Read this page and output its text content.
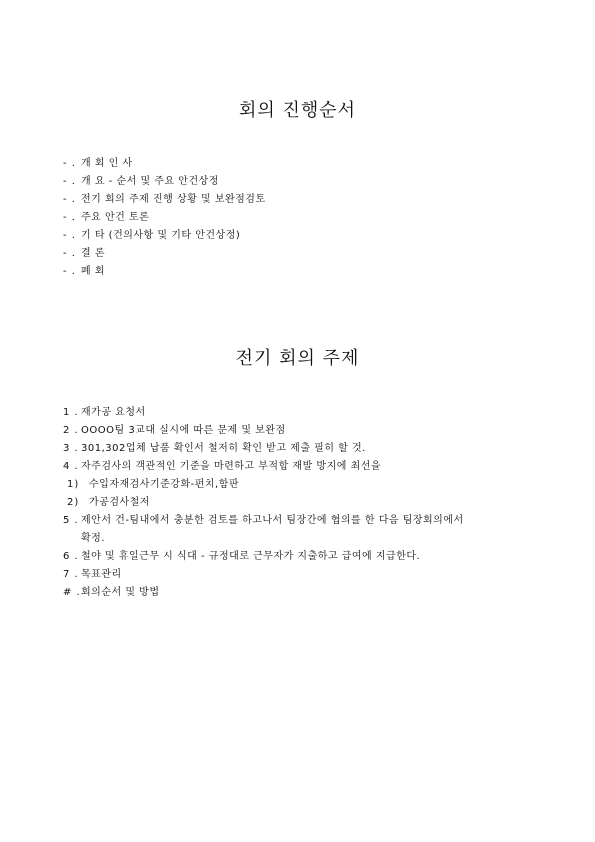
회의 진행순서
- . 개 회 인 사
- . 개 요 - 순서 및 주요 안건상정
- . 전기 회의 주제 진행 상황 및 보완점검토
- . 주요 안건 토론
- . 기 타 (건의사항 및 기타 안건상정)
- . 결 론
- . 폐 회
전기 회의 주제
1 . 재가공 요청서
2 . OOOO팀 3교대 실시에 따른 문제 및 보완점
3 . 301,302업체 납품 확인서 철저히 확인 받고 제출 필히 할 것.
4 . 자주검사의 객관적인 기준을 마련하고 부적합 재발 방지에 최선을
1) 수입자재검사기준강화-펀치,함판
2) 가공검사철저
5 . 제안서 건-팀내에서 충분한 검토를 하고나서 팀장간에 협의를 한 다음 팀장회의에서
확정.
6 . 철야 및 휴일근무 시 식대 - 규정대로 근무자가 지출하고 급여에 지급한다.
7 . 목표관리
# . 회의순서 및 방법
